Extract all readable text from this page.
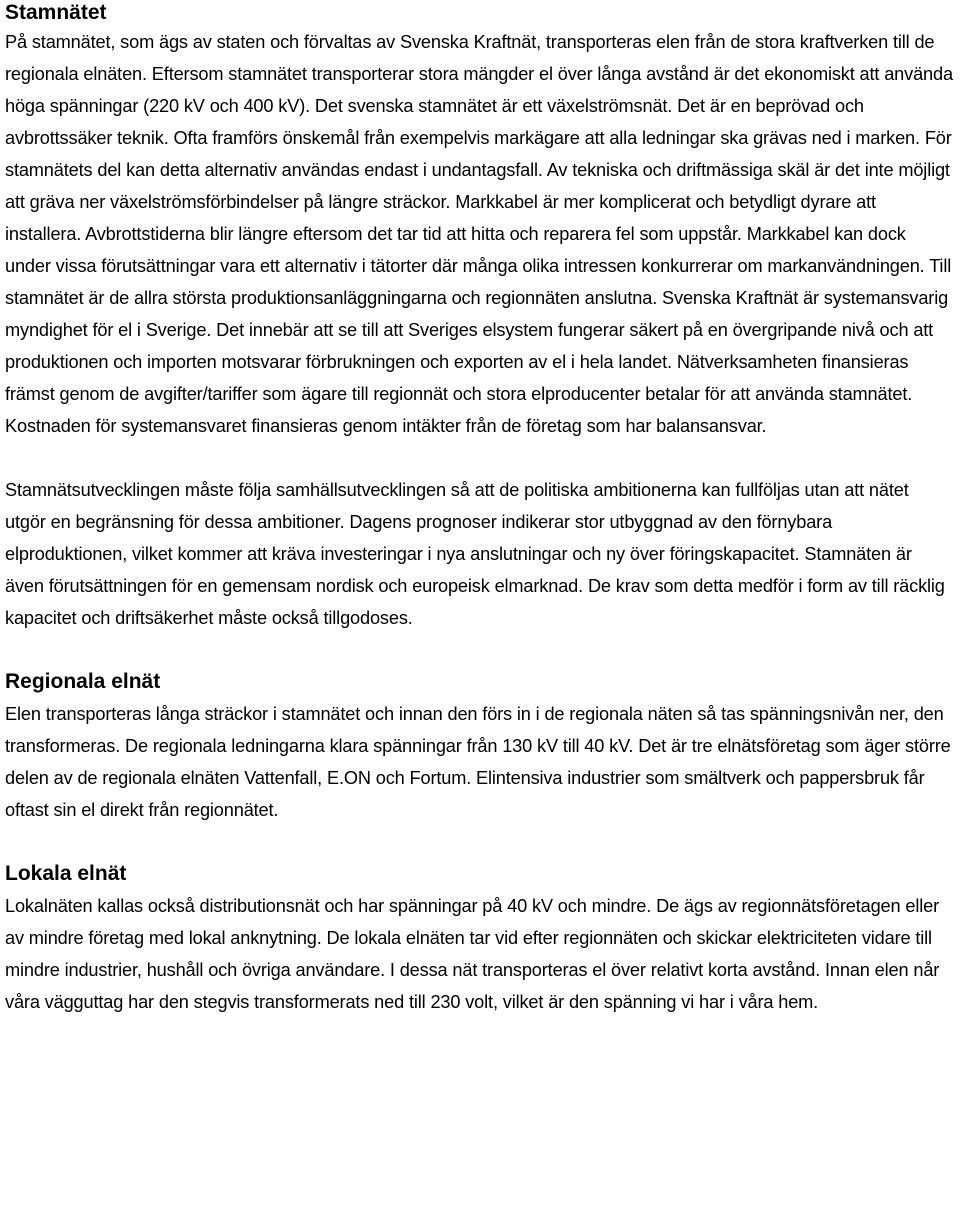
Stamnätet

På stamnätet, som ägs av staten och förvaltas av Svenska Kraftnät, transporteras elen från de stora kraftverken till de regionala elnäten. Eftersom stamnätet transporterar stora mängder el över långa avstånd är det ekonomiskt att använda höga spänningar (220 kV och 400 kV). Det svenska stamnätet är ett växelströmsnät. Det är en beprövad och avbrottssäker teknik. Ofta framförs önskemål från exempelvis markägare att alla ledningar ska grävas ned i marken. För stamnätets del kan detta alternativ användas endast i undantagsfall. Av tekniska och driftmässiga skäl är det inte möjligt att gräva ner växelströmsförbindelser på längre sträckor. Markkabel är mer komplicerat och betydligt dyrare att installera. Avbrottstiderna blir längre eftersom det tar tid att hitta och reparera fel som uppstår. Markkabel kan dock under vissa förutsättningar vara ett alternativ i tätorter där många olika intressen konkurrerar om markanvändningen. Till stamnätet är de allra största produktionsanläggningarna och regionnäten anslutna. Svenska Kraftnät är systemansvarig myndighet för el i Sverige. Det innebär att se till att Sveriges elsystem fungerar säkert på en övergripande nivå och att produktionen och importen motsvarar förbrukningen och exporten av el i hela landet. Nätverksamheten finansieras främst genom de avgifter/tariffer som ägare till regionnät och stora elproducenter betalar för att använda stamnätet. Kostnaden för systemansvaret finansieras genom intäkter från de företag som har balansansvar.

Stamnätsutvecklingen måste följa samhällsutvecklingen så att de politiska ambitionerna kan fullföljas utan att nätet utgör en begränsning för dessa ambitioner. Dagens prognoser indikerar stor utbyggnad av den förnybara elproduktionen, vilket kommer att kräva investeringar i nya anslutningar och ny över föringskapacitet. Stamnäten är även förutsättningen för en gemensam nordisk och europeisk elmarknad. De krav som detta medför i form av till räcklig kapacitet och driftsäkerhet måste också tillgodoses.

Regionala elnät

Elen transporteras långa sträckor i stamnätet och innan den förs in i de regionala näten så tas spänningsnivån ner, den transformeras. De regionala ledningarna klara spänningar från 130 kV till 40 kV. Det är tre elnätsföretag som äger större delen av de regionala elnäten Vattenfall, E.ON och Fortum. Elintensiva industrier som smältverk och pappersbruk får oftast sin el direkt från regionnätet.

Lokala elnät

Lokalnäten kallas också distributionsnät och har spänningar på 40 kV och mindre. De ägs av regionnätsföretagen eller av mindre företag med lokal anknytning. De lokala elnäten tar vid efter regionnäten och skickar elektriciteten vidare till mindre industrier, hushåll och övriga användare. I dessa nät transporteras el över relativt korta avstånd. Innan elen når våra vägguttag har den stegvis transformerats ned till 230 volt, vilket är den spänning vi har i våra hem.
